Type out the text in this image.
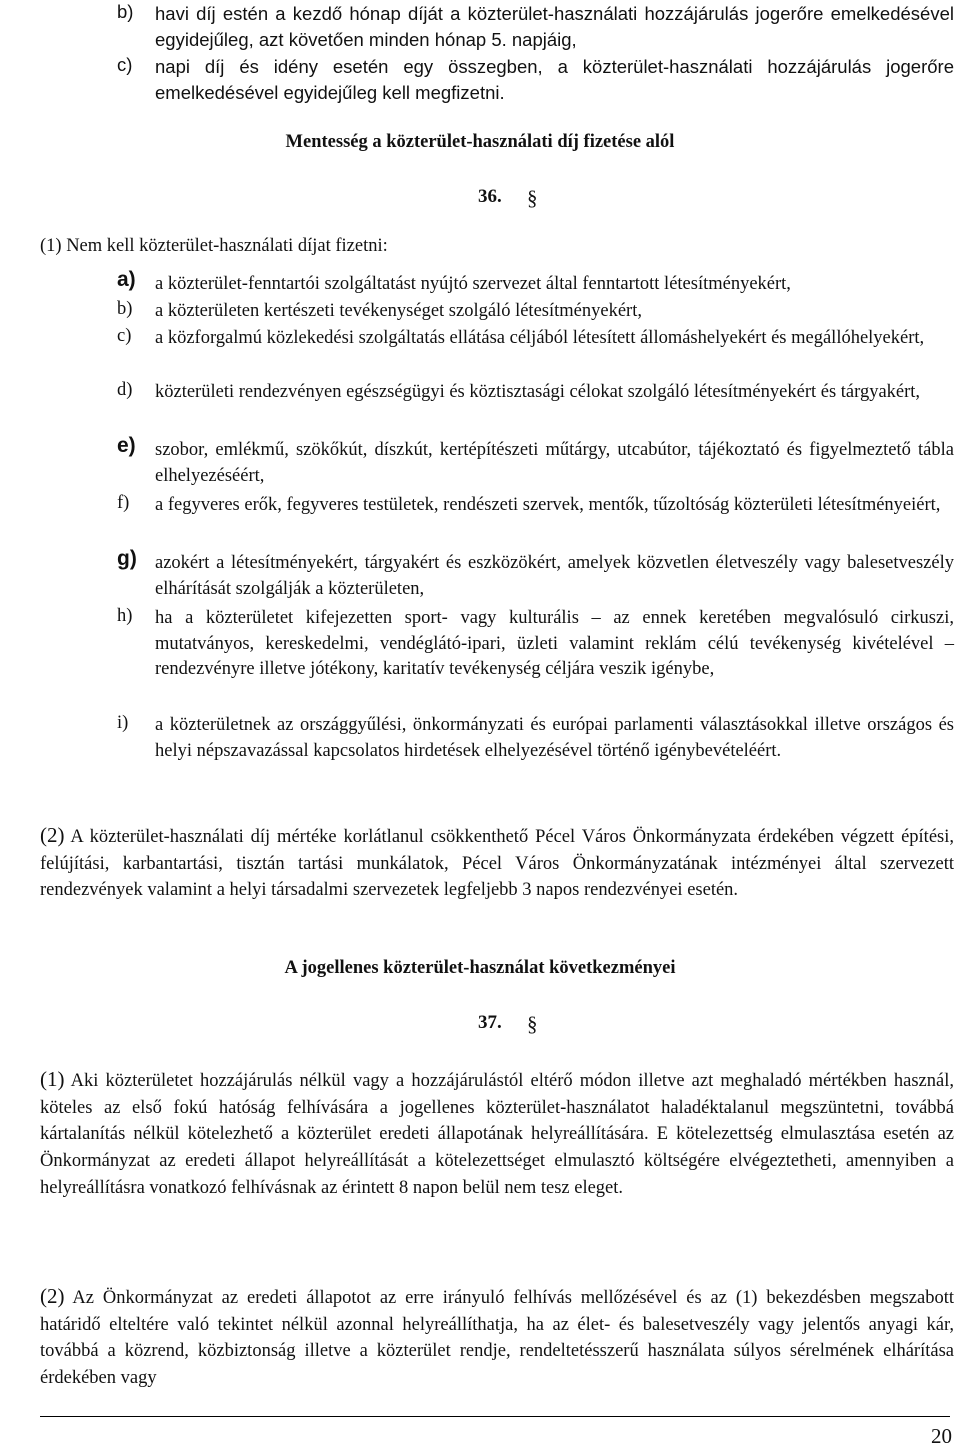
b) havi díj estén a kezdő hónap díját a közterület-használati hozzájárulás jogerőre emelkedésével egyidejűleg, azt követően minden hónap 5. napjáig,
c) napi díj és idény esetén egy összegben, a közterület-használati hozzájárulás jogerőre emelkedésével egyidejűleg kell megfizetni.
Mentesség a közterület-használati díj fizetése alól
36. §
(1) Nem kell közterület-használati díjat fizetni:
a) a közterület-fenntartói szolgáltatást nyújtó szervezet által fenntartott létesítményekért,
b) a közterületen kertészeti tevékenységet szolgáló létesítményekért,
c) a közforgalmú közlekedési szolgáltatás ellátása céljából létesített állomáshelyekért és megállóhelyekért,
d) közterületi rendezvényen egészségügyi és köztisztasági célokat szolgáló létesítményekért és tárgyakért,
e) szobor, emlékmű, szökőkút, díszkút, kertépítészeti műtárgy, utcabútor, tájékoztató és figyelmeztető tábla elhelyezéséért,
f) a fegyveres erők, fegyveres testületek, rendészeti szervek, mentők, tűzoltóság közterületi létesítményeiért,
g) azokért a létesítményekért, tárgyakért és eszközökért, amelyek közvetlen életveszély vagy balesetveszély elhárítását szolgálják a közterületen,
h) ha a közterületet kifejezetten sport- vagy kulturális – az ennek keretében megvalósuló cirkuszi, mutatványos, kereskedelmi, vendéglátó-ipari, üzleti valamint reklám célú tevékenység kivételével –rendezvényre illetve jótékony, karitatív tevékenység céljára veszik igénybe,
i) a közterületnek az országgyűlési, önkormányzati és európai parlamenti választásokkal illetve országos és helyi népszavazással kapcsolatos hirdetések elhelyezésével történő igénybevételéért.
(2) A közterület-használati díj mértéke korlátlanul csökkenthető Pécel Város Önkormányzata érdekében végzett építési, felújítási, karbantartási, tisztán tartási munkálatok, Pécel Város Önkormányzatának intézményei által szervezett rendezvények valamint a helyi társadalmi szervezetek legfeljebb 3 napos rendezvényei esetén.
A jogellenes közterület-használat következményei
37. §
(1) Aki közterületet hozzájárulás nélkül vagy a hozzájárulástól eltérő módon illetve azt meghaladó mértékben használ, köteles az első fokú hatóság felhívására a jogellenes közterület-használatot haladéktalanul megszüntetni, továbbá kártalanítás nélkül kötelezhető a közterület eredeti állapotának helyreállítására. E kötelezettség elmulasztása esetén az Önkormányzat az eredeti állapot helyreállítását a kötelezettséget elmulasztó költségére elvégeztetheti, amennyiben a helyreállításra vonatkozó felhívásnak az érintett 8 napon belül nem tesz eleget.
(2) Az Önkormányzat az eredeti állapotot az erre irányuló felhívás mellőzésével és az (1) bekezdésben megszabott határidő elteltére való tekintet nélkül azonnal helyreállíthatja, ha az élet- és balesetveszély vagy jelentős anyagi kár, továbbá a közrend, közbiztonság illetve a közterület rendje, rendeltetésszerű használata súlyos sérelmének elhárítása érdekében vagy
20
